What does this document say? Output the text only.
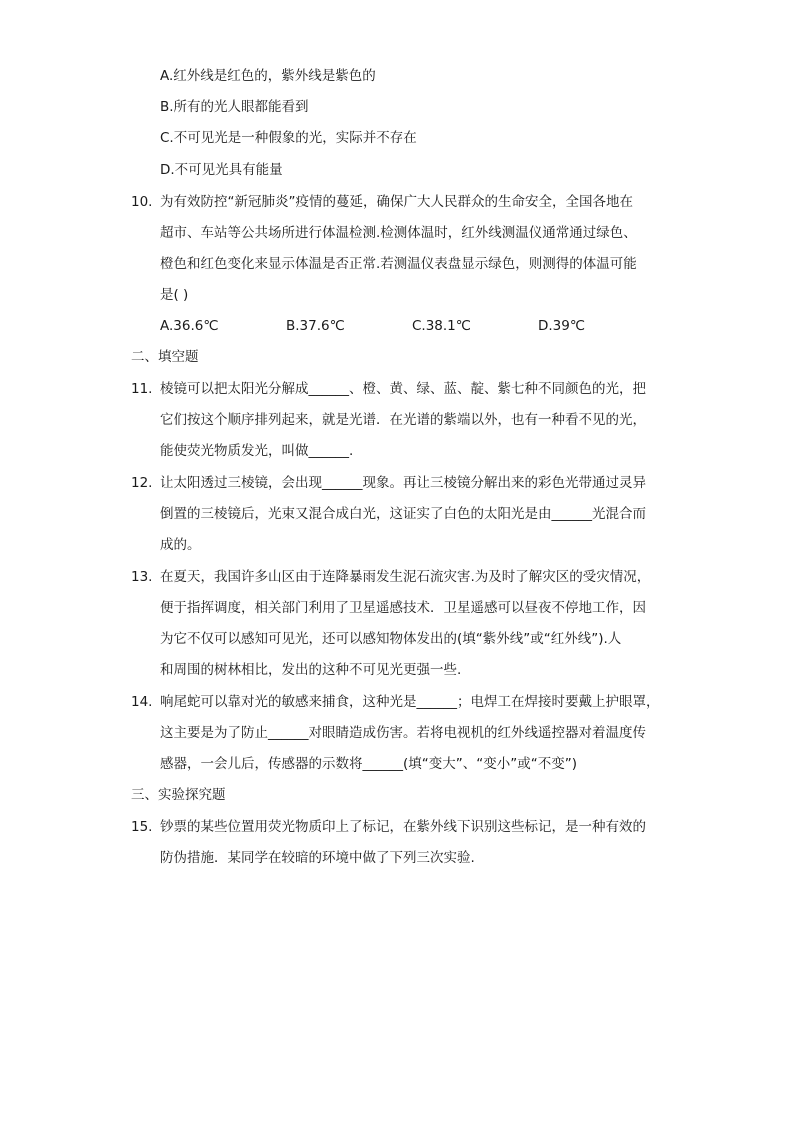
A.红外线是红色的，紫外线是紫色的
B.所有的光人眼都能看到
C.不可见光是一种假象的光，实际并不存在
D.不可见光具有能量
10. 为有效防控“新冠肺炎”疫情的蔓延，确保广大人民群众的生命安全，全国各地在
超市、车站等公共场所进行体温检测.检测体温时，红外线测温仪通常通过绿色、
橙色和红色变化来显示体温是否正常.若测温仪表盘显示绿色，则测得的体温可能
是( )
A.36.6℃	B.37.6℃	C.38.1℃	D.39℃
二、填空题
11. 棱镜可以把太阳光分解成______、橙、黄、绿、蓝、靛、紫七种不同颜色的光，把
它们按这个顺序排列起来，就是光谱．在光谱的紫端以外，也有一种看不见的光，
能使荧光物质发光，叫做______.
12. 让太阳透过三棱镜，会出现______现象。再让三棱镜分解出来的彩色光带通过灵异
倒置的三棱镜后，光束又混合成白光，这证实了白色的太阳光是由______光混合而
成的。
13. 在夏天，我国许多山区由于连降暴雨发生泥石流灾害.为及时了解灾区的受灾情况，
便于指挥调度，相关部门利用了卫星遥感技术．卫星遥感可以昼夜不停地工作，因
为它不仅可以感知可见光，还可以感知物体发出的(填“紫外线”或“红外线”).人
和周围的树林相比，发出的这种不可见光更强一些.
14. 响尾蛇可以靠对光的敏感来捕食，这种光是______；电焊工在焊接时要戴上护眼罩，
这主要是为了防止______对眼睛造成伤害。若将电视机的红外线遥控器对着温度传
感器，一会儿后，传感器的示数将______(填“变大”、“变小”或“不变”)
三、实验探究题
15. 钞票的某些位置用荧光物质印上了标记，在紫外线下识别这些标记，是一种有效的
防伪措施．某同学在较暗的环境中做了下列三次实验.
